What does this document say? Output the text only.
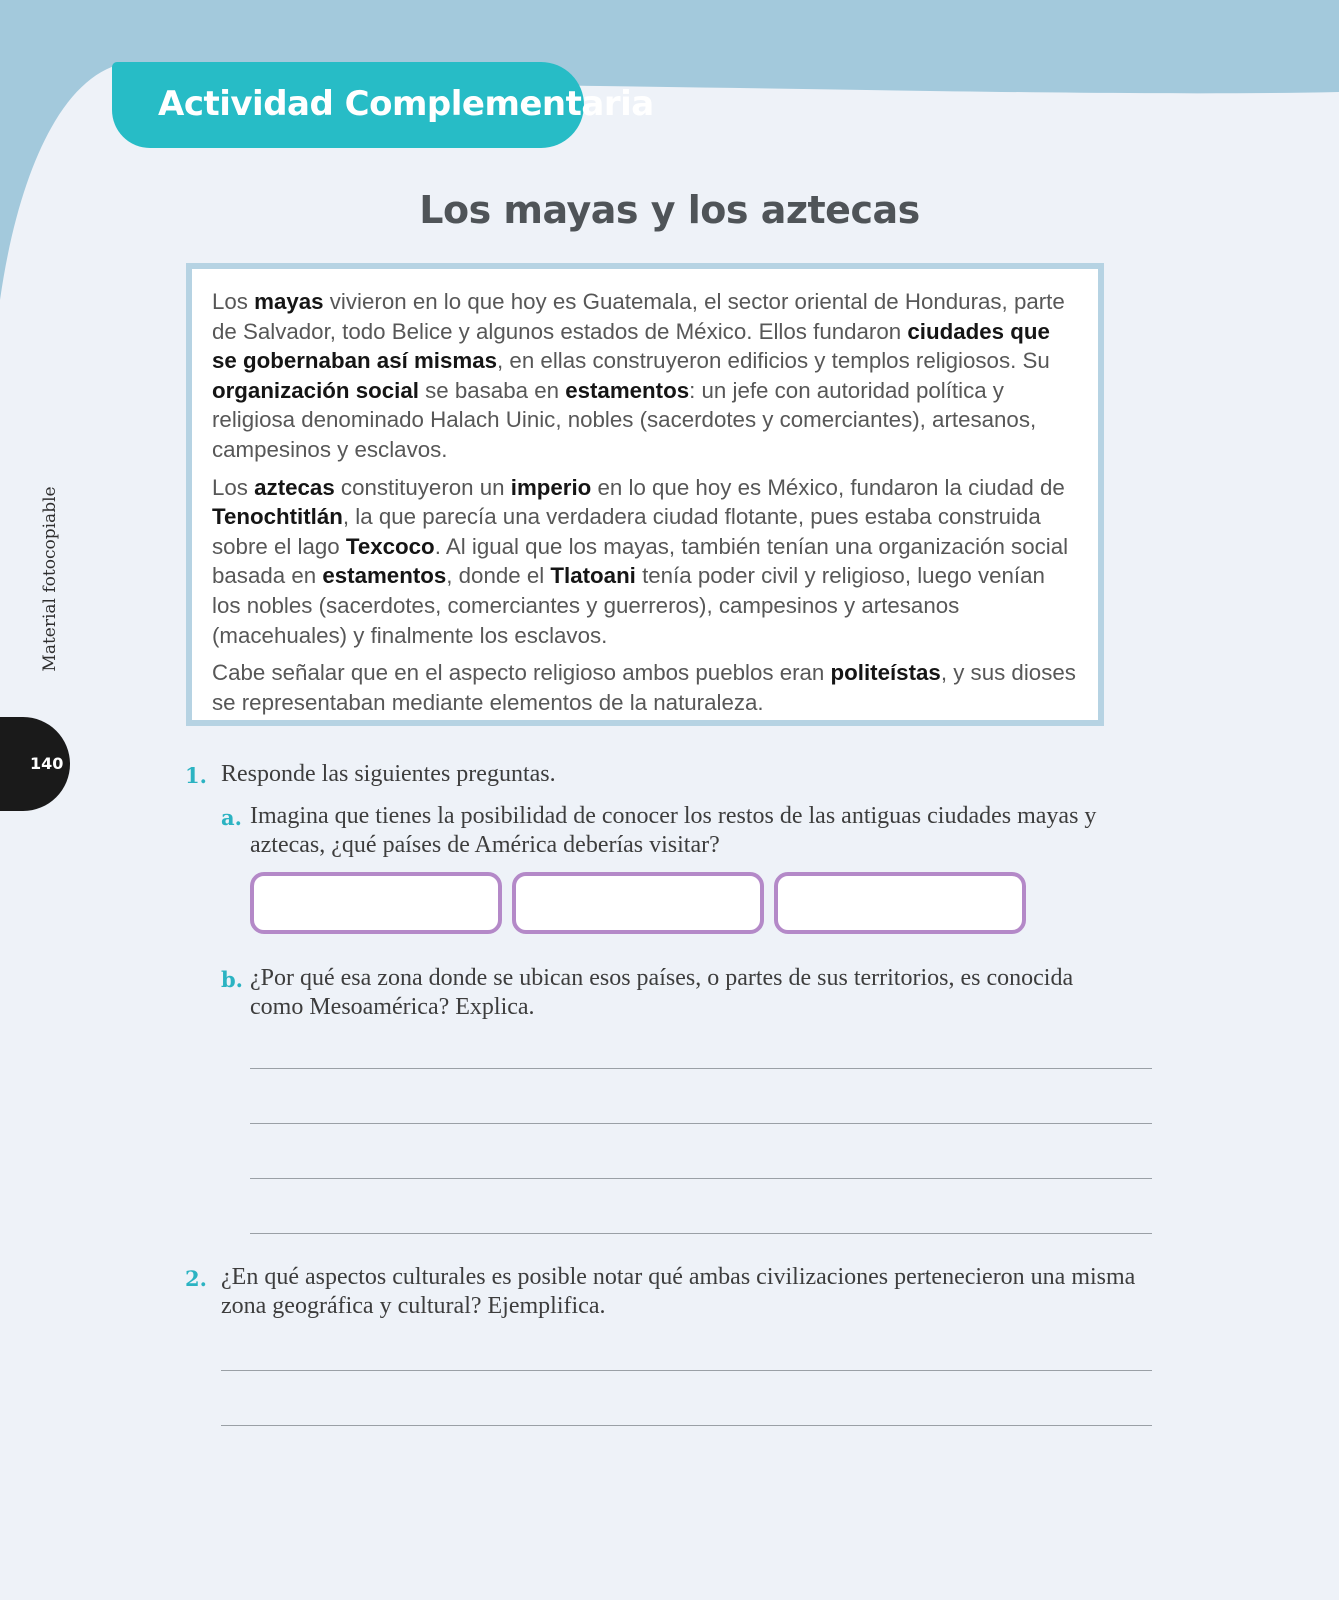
Actividad Complementaria
Los mayas y los aztecas

Los mayas vivieron en lo que hoy es Guatemala, el sector oriental de Honduras, parte de Salvador, todo Belice y algunos estados de México. Ellos fundaron ciudades que se gobernaban así mismas, en ellas construyeron edificios y templos religiosos. Su organización social se basaba en estamentos: un jefe con autoridad política y religiosa denominado Halach Uinic, nobles (sacerdotes y comerciantes), artesanos, campesinos y esclavos.

Los aztecas constituyeron un imperio en lo que hoy es México, fundaron la ciudad de Tenochtitlán, la que parecía una verdadera ciudad flotante, pues estaba construida sobre el lago Texcoco. Al igual que los mayas, también tenían una organización social basada en estamentos, donde el Tlatoani tenía poder civil y religioso, luego venían los nobles (sacerdotes, comerciantes y guerreros), campesinos y artesanos (macehuales) y finalmente los esclavos.

Cabe señalar que en el aspecto religioso ambos pueblos eran politeístas, y sus dioses se representaban mediante elementos de la naturaleza.

Material fotocopiable
140	1. Responde las siguientes preguntas.
a. Imagina que tienes la posibilidad de conocer los restos de las antiguas ciudades mayas y
aztecas, ¿qué países de América deberías visitar?
b. ¿Por qué esa zona donde se ubican esos países, o partes de sus territorios, es conocida
como Mesoamérica? Explica.
2. ¿En qué aspectos culturales es posible notar qué ambas civilizaciones pertenecieron una misma
zona geográfica y cultural? Ejemplifica.
